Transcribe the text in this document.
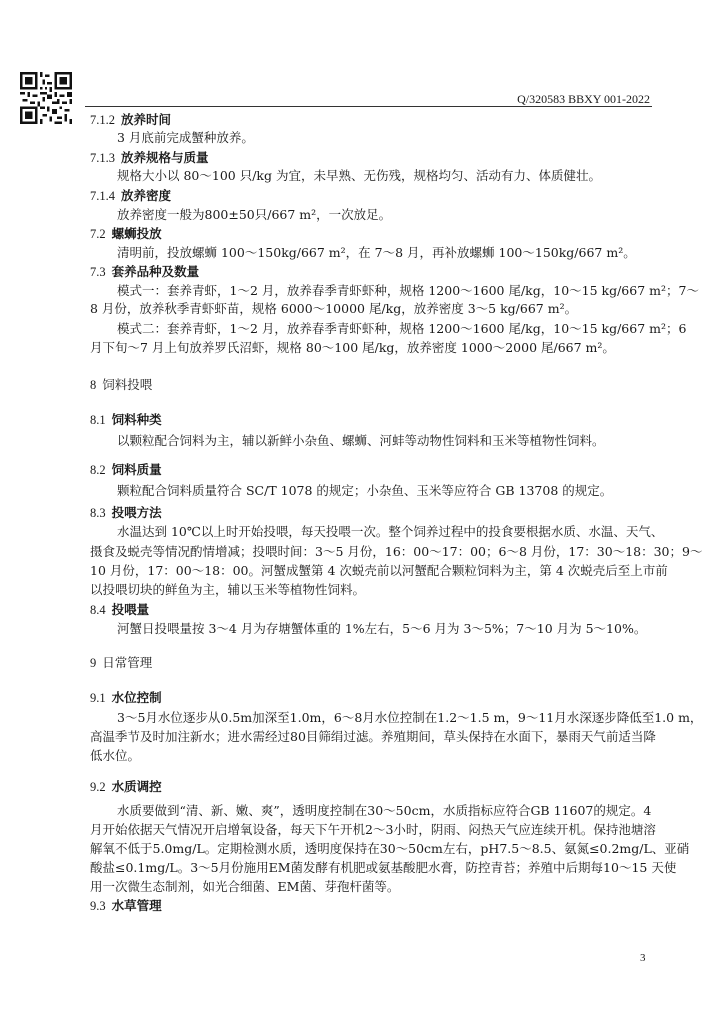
Q/320583 BBXY 001-2022
7.1.2 放养时间
3 月底前完成蟹种放养。
7.1.3 放养规格与质量
规格大小以 80～100 只/kg 为宜，未早熟、无伤残，规格均匀、活动有力、体质健壮。
7.1.4 放养密度
放养密度一般为800±50只/667 m²，一次放足。
7.2 螺蛳投放
清明前，投放螺蛳 100～150kg/667 m²，在 7～8 月，再补放螺蛳 100～150kg/667 m²。
7.3 套养品种及数量
模式一：套养青虾，1～2 月，放养春季青虾虾种，规格 1200～1600 尾/kg，10～15 kg/667 m²；7～
8 月份，放养秋季青虾虾苗，规格 6000～10000 尾/kg，放养密度 3～5 kg/667 m²。
模式二：套养青虾，1～2 月，放养春季青虾虾种，规格 1200～1600 尾/kg，10～15 kg/667 m²；6
月下旬～7 月上旬放养罗氏沼虾，规格 80～100 尾/kg，放养密度 1000～2000 尾/667 m²。
8 饲料投喂
8.1 饲料种类
以颗粒配合饲料为主，辅以新鲜小杂鱼、螺蛳、河蚌等动物性饲料和玉米等植物性饲料。
8.2 饲料质量
颗粒配合饲料质量符合 SC/T 1078 的规定；小杂鱼、玉米等应符合 GB 13708 的规定。
8.3 投喂方法
水温达到 10℃以上时开始投喂，每天投喂一次。整个饲养过程中的投食要根据水质、水温、天气、
摄食及蜕壳等情况酌情增减；投喂时间：3～5 月份，16：00～17：00；6～8 月份，17：30～18：30；9～
10 月份，17：00～18：00。河蟹成蟹第 4 次蜕壳前以河蟹配合颗粒饲料为主，第 4 次蜕壳后至上市前
以投喂切块的鲜鱼为主，辅以玉米等植物性饲料。
8.4 投喂量
河蟹日投喂量按 3～4 月为存塘蟹体重的 1%左右，5～6 月为 3～5%；7～10 月为 5～10%。
9 日常管理
9.1 水位控制
3～5月水位逐步从0.5m加深至1.0m，6～8月水位控制在1.2～1.5 m，9～11月水深逐步降低至1.0 m，
高温季节及时加注新水；进水需经过80目筛绢过滤。养殖期间，草头保持在水面下，暴雨天气前适当降
低水位。
9.2 水质调控
水质要做到“清、新、嫩、爽”，透明度控制在30～50cm，水质指标应符合GB 11607的规定。4
月开始依据天气情况开启增氧设备，每天下午开机2～3小时，阴雨、闷热天气应连续开机。保持池塘溶
解氧不低于5.0mg/L。定期检测水质，透明度保持在30～50cm左右，pH7.5～8.5、氨氮≤0.2mg/L、亚硝
酸盐≤0.1mg/L。3～5月份施用EM菌发酵有机肥或氨基酸肥水膏，防控青苔；养殖中后期每10～15 天使
用一次微生态制剂，如光合细菌、EM菌、芽孢杆菌等。
9.3 水草管理
3
